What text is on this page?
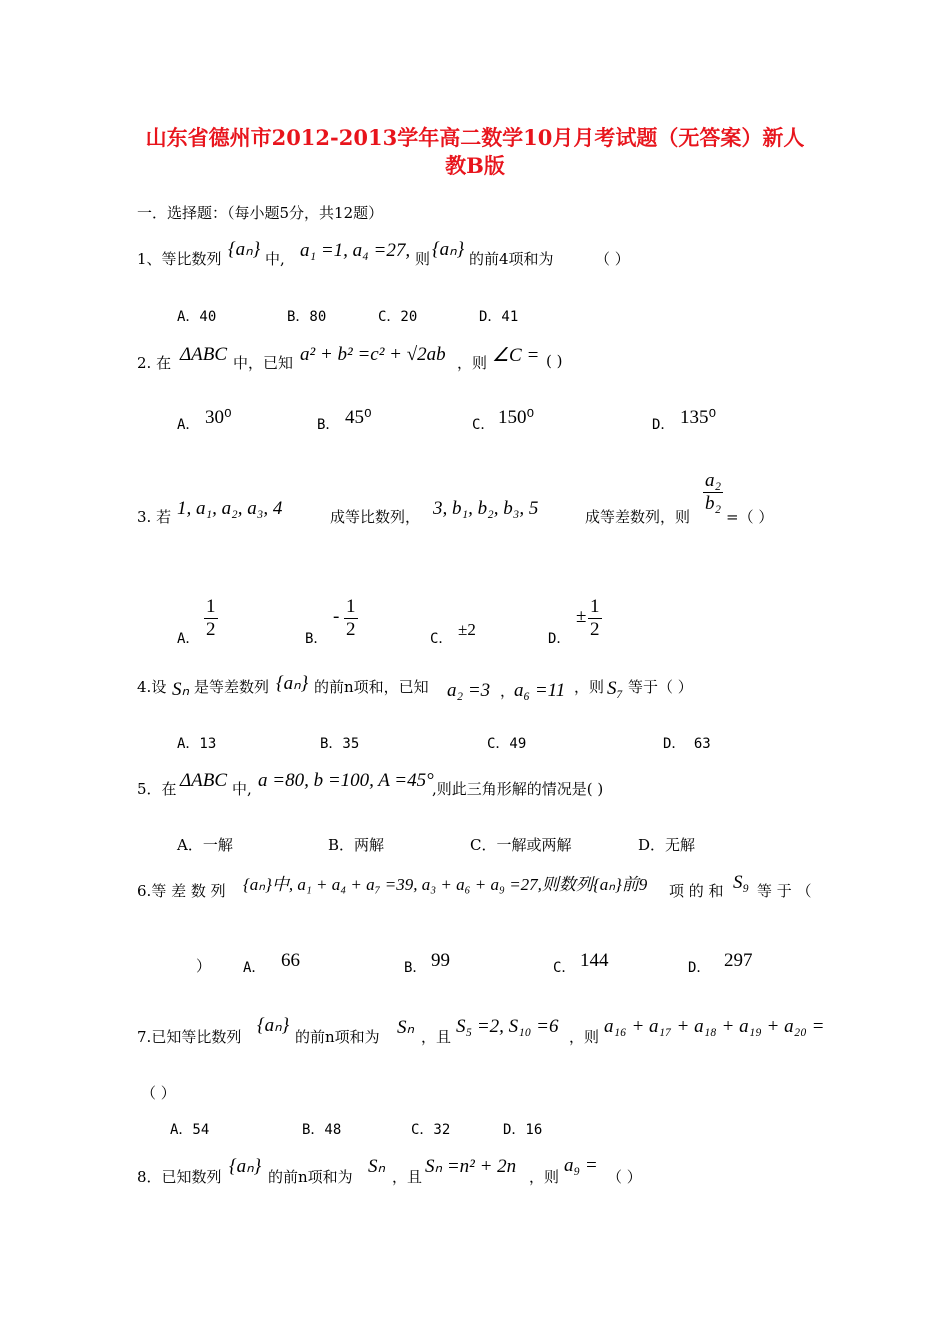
山东省德州市2012-2013学年高二数学10月月考试题（无答案）新人
教B版
一．选择题：（每小题5分，共12题）
1、等比数列 {aₙ} 中, a₁ =1, a₄ =27, 则 {aₙ} 的前4项和为	（ ）
A．40	B．80	C．20	D．41
2. 在 ΔABC 中，已知 a² + b² =c² + √2ab ，则 ∠C = ( )
A． 30⁰	B． 45⁰	C． 150⁰	D． 135⁰
3. 若 1, a₁, a₂, a₃, 4	成等比数列， 3, b₁, b₂, b₃, 5	成等差数列，则
$\frac{\text{a₂}}{\text{b₂}}$
=（ ）
A． $\frac{1}{2}$	B．
- $\frac{1}{2}$	C． ±2	D．
± $\frac{1}{2}$
4.设 Sₙ 是等差数列 {aₙ} 的前n项和，已知 a₂ =3 ，
a₆ =11 ，则 S₇ 等于（ ）
A．13	B．35	C．49	D． 63
5．在 ΔABC 中, a =80, b =100, A =45°
,则此三角形解的情况是( )
A．一解	B．两解	C．一解或两解	D．无解
6.等 差 数 列 {aₙ}中, a₁ + a₄ + a₇ =39, a₃ + a₆ + a₉ =27,则数列{aₙ}前9 项 的 和 S₉ 等 于 （
） A． 66	B． 99	C． 144	D． 297
7.已知等比数列
{aₙ}
的前n项和为 Sₙ ，且 S₅ =2, S₁₀ =6 ，则 a₁₆ + a₁₇ + a₁₈ + a₁₉ + a₂₀ =
（ ）
A．54	B．48	C．32	D．16
8．已知数列 {aₙ} 的前n项和为 Sₙ ，且 Sₙ =n² + 2n ，则
a₉ =
（ ）
